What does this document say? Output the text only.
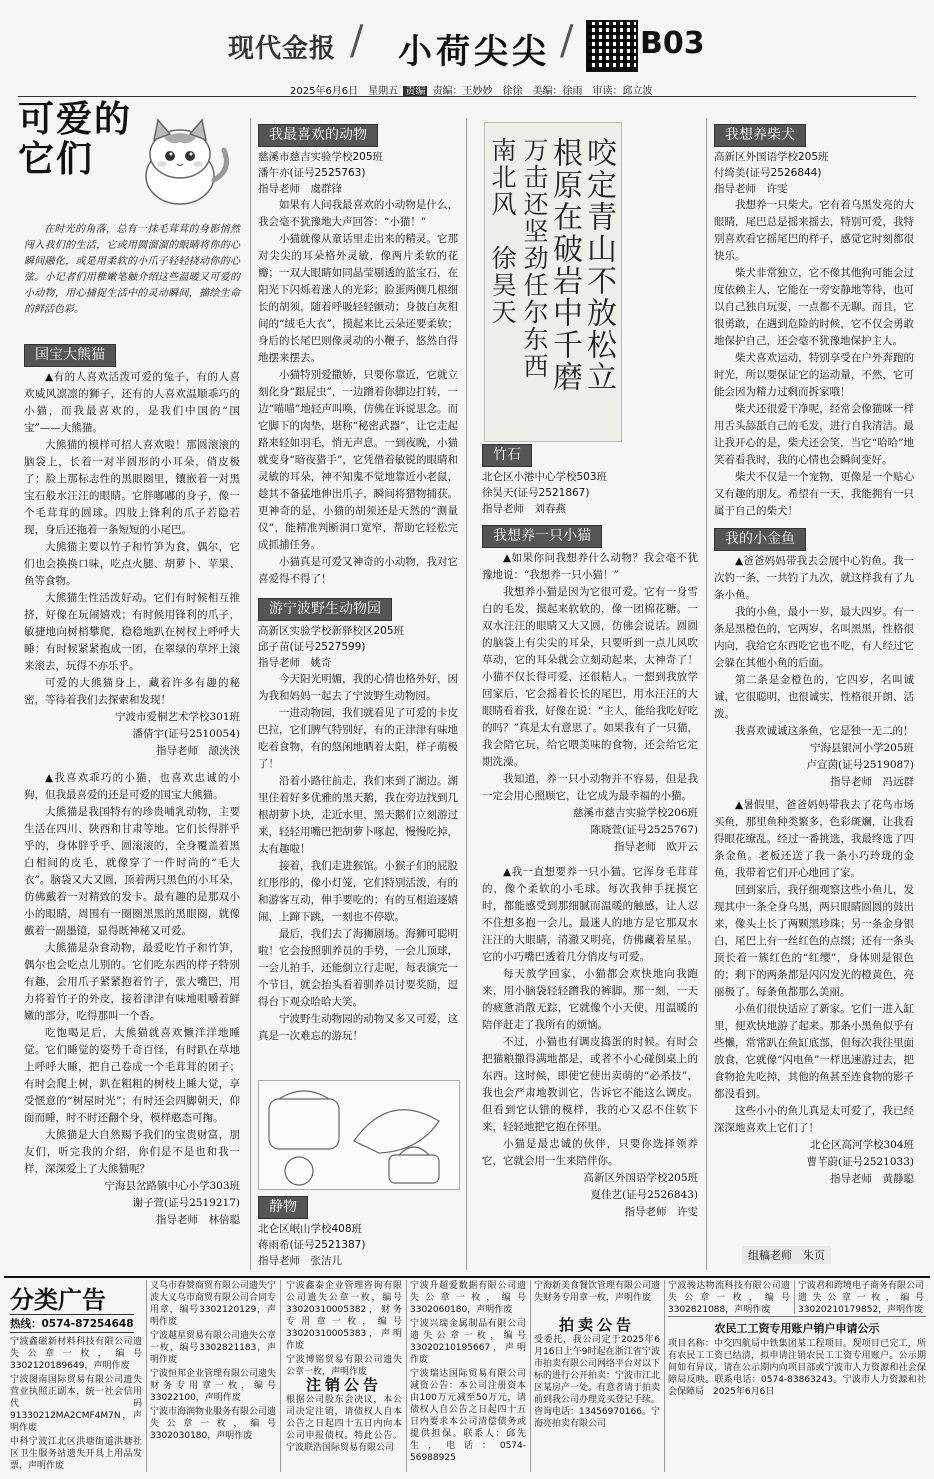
现代金报 / 小荷尖尖 / B03
2025年6月6日　星期五 责编 责编：王妙妙　徐徐　美编：徐雨　审读：邱立波
可爱的
它们
在时光的角落，总有一抹毛茸茸的身影悄然闯入我们的生活，它或用圆溜溜的眼睛将你的心瞬间融化，或是用柔软的小爪子轻轻挠动你的心弦。小记者们用稚嫩笔触介绍这些温暖又可爱的小动物，用心捕捉生活中的灵动瞬间，描绘生命的鲜活色彩。
国宝大熊猫

▲有的人喜欢活泼可爱的兔子，有的人喜欢威风凛凛的狮子，还有的人喜欢温顺乖巧的小猫，而我最喜欢的，是我们中国的“国宝”——大熊猫。

大熊猫的模样可招人喜欢啦！那圆滚滚的脑袋上，长着一对半圆形的小耳朵，俏皮极了；脸上那标志性的黑眼圈里，镶嵌着一对黑宝石般水汪汪的眼睛。它胖嘟嘟的身子，像一个毛茸茸的圆球。四肢上锋利的爪子若隐若现，身后还拖着一条短短的小尾巴。

大熊猫主要以竹子和竹笋为食，偶尔，它们也会换换口味，吃点火腿、胡萝卜、苹果、鱼等食物。

大熊猫生性活泼好动。它们有时候相互推挤，好像在玩闹嬉戏；有时候用锋利的爪子，敏捷地向树梢攀爬，稳稳地趴在树杈上呼呼大睡；有时候紧紧抱成一团，在翠绿的草坪上滚来滚去，玩得不亦乐乎。

可爱的大熊猫身上，藏着许多有趣的秘密，等待着我们去探索和发现！

宁波市爱桐艺术学校301班

潘倩宇(证号2510054)

指导老师　颉浃浃

▲我喜欢乖巧的小猫，也喜欢忠诚的小狗，但我最喜爱的还是可爱的国宝大熊猫。

大熊猫是我国特有的珍贵哺乳动物，主要生活在四川、陕西和甘肃等地。它们长得胖乎乎的，身体胖乎乎、圆滚滚的，全身覆盖着黑白相间的皮毛，就像穿了一件时尚的“毛大衣”。脑袋又大又圆，顶着两只黑色的小耳朵，仿佛戴着一对精致的发卡。最有趣的是那双小小的眼睛，周围有一圈圈黑黑的黑眼圈，就像戴着一副墨镜，显得既神秘又可爱。

大熊猫是杂食动物，最爱吃竹子和竹笋，偶尔也会吃点儿别的。它们吃东西的样子特别有趣，会用爪子紧紧抱着竹子，张大嘴巴，用力将着竹子的外皮，接着津津有味地咀嚼着鲜嫩的部分，吃得那叫一个香。

吃饱喝足后，大熊猫就喜欢懒洋洋地睡觉。它们睡觉的姿势千奇百怪，有时趴在草地上呼呼大睡，把自己卷成一个毛茸茸的团子；有时会爬上树，趴在粗粗的树枝上睡大觉，享受惬意的“树屋时光”；有时还会四脚朝天，仰面而睡，时不时还翻个身，模样憨态可掬。

大熊猫是大自然赐予我们的宝贵财富，朋友们，听完我的介绍，你们是不是也和我一样，深深爱上了大熊猫呢？

宁海县岔路镇中心小学303班

谢子萱(证号2519217)

指导老师　林倍聪

我最喜欢的动物
慈溪市慈吉实验学校205班
潘午亦(证号2525763)
指导老师　虞群锋

如果有人问我最喜欢的小动物是什么，我会毫不犹豫地大声回答：“小猫！”

小猫就像从童话里走出来的精灵。它那对尖尖的耳朵格外灵敏，像两片柔软的花瓣；一双大眼睛如同晶莹剔透的蓝宝石，在阳光下闪烁着迷人的光彩；脸蛋两侧几根细长的胡须，随着呼吸轻轻颤动；身披白灰相间的“绒毛大衣”，摸起来比云朵还要柔软；身后的长尾巴则像灵动的小鞭子，悠然自得地摆来摆去。

小猫特别爱撒娇，只要你靠近，它就立刻化身“跟屁虫”，一边蹭着你脚边打转，一边“喵喵”地轻声叫唤，仿佛在诉说思念。而它脚下的肉垫，堪称“秘密武器”，让它走起路来轻如羽毛，悄无声息。一到夜晚，小猫就变身“暗夜猎手”，它凭借着敏锐的眼睛和灵敏的耳朵，神不知鬼不觉地靠近小老鼠，趁其不备猛地伸出爪子，瞬间将猎物捕获。更神奇的是，小猫的胡须还是天然的“测量仪”，能精准判断洞口宽窄，帮助它轻松完成抓捕任务。

小猫真是可爱又神奇的小动物，我对它喜爱得不得了！

游宁波野生动物园
高新区实验学校新驿校区205班
邱子苗(证号2527599)
指导老师　姚奇

今天阳光明媚，我的心情也格外好，因为我和妈妈一起去了宁波野生动物园。

一进动物园，我们就看见了可爱的卡皮巴拉，它们脾气特别好，有的正津津有味地吃着食物，有的悠闲地晒着太阳，样子萌极了！

沿着小路往前走，我们来到了湖边。湖里住着好多优雅的黑天鹅，我在旁边找到几根胡萝卜块，走近水里，黑天鹅们立刻游过来，轻轻用嘴巴把胡萝卜啄起，慢慢吃掉，太有趣啦！

接着，我们走进猴馆。小猴子们的屁股红彤彤的，像小灯笼，它们特别活泼，有的和游客互动，伸手要吃的；有的互相追逐嬉闹，上蹿下跳，一刻也不停歇。

最后，我们去了海狮剧场。海狮可聪明啦！它会按照驯养员的手势，一会儿顶球，一会儿拍手，还能倒立行走呢，每表演完一个节目，就会抬头看着驯养员讨要奖励，逗得台下观众哈哈大笑。

宁波野生动物园的动物又多又可爱，这真是一次难忘的游玩！

静物
北仑区岷山学校408班
蒋雨希(证号2521387)
指导老师　张洁儿
咬定青山不放松立
根原在破岩中千磨
万击还坚劲任尔东西
南北风　徐昊天
竹石
北仑区小港中心学校503班
徐昊天(证号2521867)
指导老师　刘春燕
我想养一只小猫

▲如果你问我想养什么动物？我会毫不犹豫地说：“我想养一只小猫！”

我想养小猫是因为它很可爱。它有一身雪白的毛发，摸起来软软的，像一团棉花糖。一双水汪汪的眼睛又大又圆，仿佛会说话。圆圆的脑袋上有尖尖的耳朵，只要听到一点儿风吹草动，它的耳朵就会立刻动起来，太神奇了！小猫不仅长得可爱，还很粘人。一想到我放学回家后，它会摇着长长的尾巴，用水汪汪的大眼睛看着我，好像在说：“主人，能给我吃好吃的吗？”真是太有意思了。如果我有了一只猫，我会陪它玩，给它喂美味的食物，还会给它定期洗澡。

我知道，养一只小动物并不容易，但是我一定会用心照顾它，让它成为最幸福的小猫。

慈溪市慈吉实验学校206班

陈晓萱(证号2525767)

指导老师　欧开云

▲我一直想要养一只小猫。它浑身毛茸茸的，像个柔软的小毛球。每次我伸手抚摸它时，都能感受到那细腻而温暖的触感，让人忍不住想多抱一会儿。最迷人的地方是它那双水汪汪的大眼睛，清澈又明亮，仿佛藏着星星。它的小巧嘴巴透着几分俏皮与可爱。

每天放学回家，小猫都会欢快地向我跑来，用小脑袋轻轻蹭我的裤脚。那一刻，一天的疲惫消散无踪，它就像个小天使，用温暖的陪伴赶走了我所有的烦恼。

不过，小猫也有调皮捣蛋的时候。有时会把猫粮撒得满地都是，或者不小心碰倒桌上的东西。这时候，即使它使出卖萌的“必杀技”，我也会严肃地教训它，告诉它不能这么调皮。但看到它认错的模样，我的心又忍不住软下来，轻轻地把它抱在怀里。

小猫是最忠诚的伙伴，只要你选择领养它，它就会用一生来陪伴你。

高新区外国语学校205班

夏佳艺(证号2526843)

指导老师　许雯

我想养柴犬
高新区外国语学校205班
付绮美(证号2526844)
指导老师　许雯

我想养一只柴犬。它有着乌黑发亮的大眼睛，尾巴总是摇来摇去，特别可爱，我特别喜欢看它摇尾巴的样子，感觉它时刻都很快乐。

柴犬非常独立，它不像其他狗可能会过度依赖主人，它能在一旁安静地等待，也可以自己独自玩耍，一点都不无聊。而且，它很勇敢，在遇到危险的时候，它不仅会勇敢地保护自己，还会毫不犹豫地保护主人。

柴犬喜欢运动，特别享受在户外奔跑的时光，所以要保证它的运动量，不然，它可能会因为精力过剩而拆家哦！

柴犬还很爱干净呢，经常会像猫咪一样用舌头舔舐自己的毛发，进行自我清洁。最让我开心的是，柴犬还会笑，当它“哈哈”地笑着看我时，我的心情也会瞬间变好。

柴犬不仅是一个宠物，更像是一个贴心又有趣的朋友。希望有一天，我能拥有一只属于自己的柴犬！

我的小金鱼

▲爸爸妈妈带我去会展中心钓鱼。我一次钓一条，一共钓了九次，就这样我有了九条小鱼。

我的小鱼，最小一岁，最大四岁。有一条是黑橙色的，它两岁，名叫黑黑，性格很内向，我给它东西吃它也不吃，有人经过它会躲在其他小鱼的后面。

第二条是金橙色的，它四岁，名叫诚诚，它很聪明，也很诚实，性格很开朗、活泼。

我喜欢诚诚这条鱼，它是独一无二的！

宁海县银河小学205班

卢宣茵(证号2519087)

指导老师　冯远群

▲暑假里，爸爸妈妈带我去了花鸟市场买鱼，那里鱼种类繁多，色彩斑斓，让我看得眼花缭乱。经过一番挑选，我最终选了四条金鱼。老板还送了我一条小巧玲珑的金鱼，我带着它们开心地回了家。

回到家后，我仔细观察这些小鱼儿，发现其中一条全身乌黑，两只眼睛圆圆的鼓出来，像头上长了两颗黑珍珠；另一条金身银白，尾巴上有一丝红色的点缀；还有一条头顶长着一簇红色的“红缨”，身体则是银色的；剩下的两条都是闪闪发光的橙黄色，亮丽极了。每条鱼都那么美丽。

小鱼们很快适应了新家。它们一进入缸里，便欢快地游了起来。那条小黑鱼似乎有些懒，常常趴在鱼缸底部，但每次我往里面放食，它就像“闪电鱼”一样迅速游过去，把食物抢先吃掉，其他的鱼甚至连食物的影子都没看到。

这些小小的鱼儿真是太可爱了，我已经深深地喜欢上它们了！

北仑区高河学校304班

曹芊蔚(证号2521033)

指导老师　黄静聪

组稿老师　朱页
分类广告
热线：0574-87254648

宁波鑫磁新材料科技有限公司遗失公章一枚，编号3302120189649，声明作废

宁波图南国际贸易有限公司遗失营业执照正副本，统一社会信用代码91330212MA2CMF4M7N，声明作废

中科宁波江北区洪塘街道洪塘社区卫生服务站遗失开具上用品发票，声明作废

义乌市春赞商贸有限公司遗失宁波大义乌市商贸有限公司合同专用章，编号3302120129，声明作废

宁波越星贸易有限公司遗失公章一枚，编号3302821183，声明作废

宁波恒邦企业管理有限公司遗失财务专用章一枚，编号33022100，声明作废

宁波市海润物业服务有限公司遗失公章一枚，编号3302030180，声明作废

宁波鑫泰企业管理咨询有限公司遗失公章一枚，编号33020310005382，财务专用章一枚，编号33020310005383，声明作废

宁波博铭贸易有限公司遗失公章一枚，声明作废

注销公告
根据公司股东会决议，本公司决定注销，请债权人自本公告之日起四十五日内向本公司申报债权。特此公告。宁波联浩国际贸易有限公司

宁波升超爱数据有限公司遗失公章一枚，编号3302060180，声明作废

宁波兴瑞金属制品有限公司遗失公章一枚，编号33020210195667，声明作废

宁波瑞达国际贸易有限公司减资公告：本公司注册资本由100万元减至50万元，请债权人自公告之日起四十五日内要求本公司清偿债务或提供担保。联系人：邱先生，电话：0574-56988925

宁海新美食餐饮管理有限公司遗失财务专用章一枚，声明作废

拍卖公告
受委托，我公司定于2025年6月16日上午9时起在浙江省宁波市拍卖有限公司网络平台对以下标的进行公开拍卖：宁波市江北区某房产一处。有意者请于拍卖前到我公司办理竞买登记手续。咨询电话：13456970166。宁海亮拍卖有限公司

宁波骏达物流科技有限公司遗失公章一枚，编号3302821088，声明作废

宁波君和跨境电子商务有限公司遗失公章一枚，编号33020210179852，声明作废

农民工工资专用账户销户申请公示
项目名称：中交四航局中铁集团某工程项目。现项目已完工，所有农民工工资已结清，拟申请注销农民工工资专用账户。公示期间如有异议，请在公示期内向项目部或宁波市人力资源和社会保障局反映。联系电话：0574-83863243。宁波市人力资源和社会保障局　2025年6月6日
